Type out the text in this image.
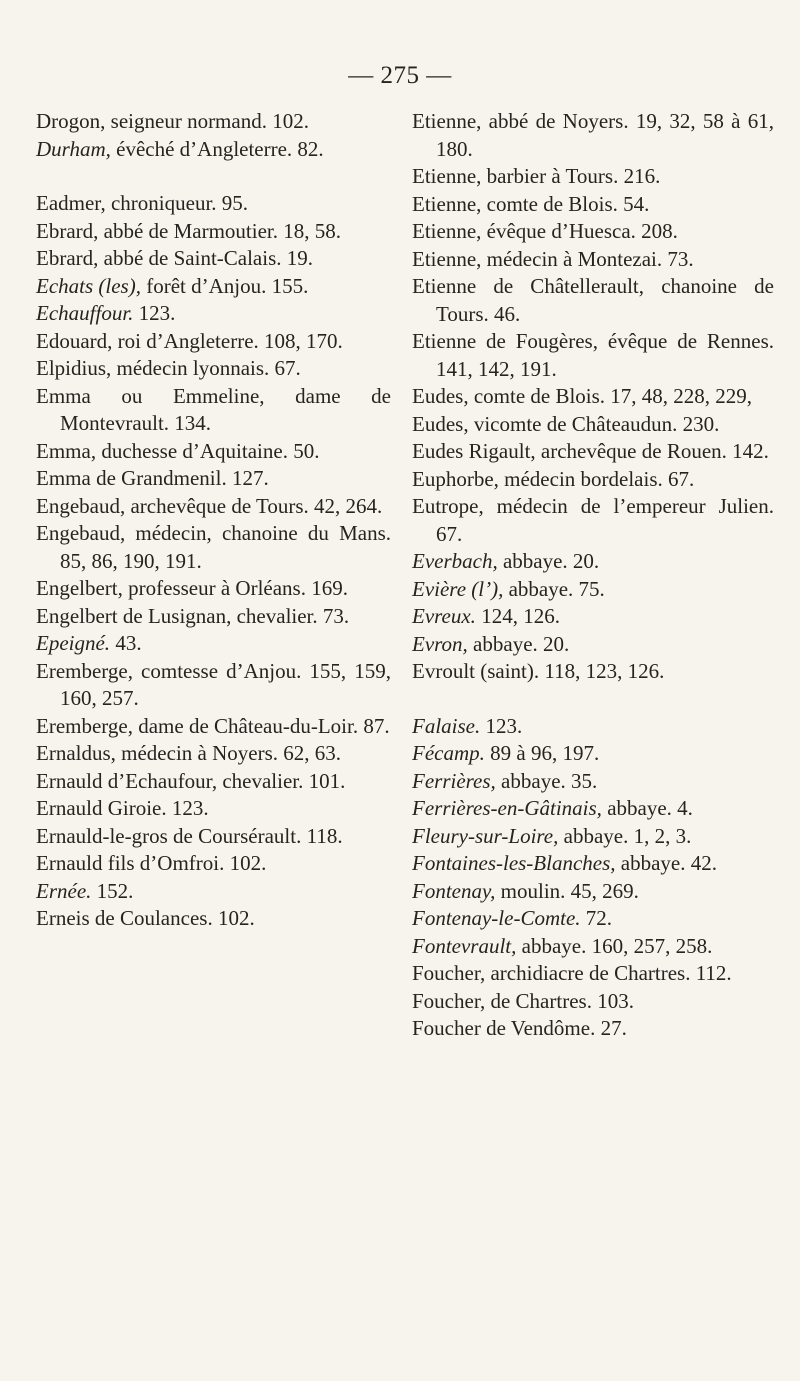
— 275 —
Drogon, seigneur normand. 102.
Durham, évêché d’Angleterre. 82.
Eadmer, chroniqueur. 95.
Ebrard, abbé de Marmoutier. 18, 58.
Ebrard, abbé de Saint-Calais. 19.
Echats (les), forêt d’Anjou. 155.
Echauffour. 123.
Edouard, roi d’Angleterre. 108, 170.
Elpidius, médecin lyonnais. 67.
Emma ou Emmeline, dame de Montevrault. 134.
Emma, duchesse d’Aquitaine. 50.
Emma de Grandmenil. 127.
Engebaud, archevêque de Tours. 42, 264.
Engebaud, médecin, chanoine du Mans. 85, 86, 190, 191.
Engelbert, professeur à Orléans. 169.
Engelbert de Lusignan, chevalier. 73.
Epeigné. 43.
Eremberge, comtesse d’Anjou. 155, 159, 160, 257.
Eremberge, dame de Château-du-Loir. 87.
Ernaldus, médecin à Noyers. 62, 63.
Ernauld d’Echaufour, chevalier. 101.
Ernauld Giroie. 123.
Ernauld-le-gros de Coursérault. 118.
Ernauld fils d’Omfroi. 102.
Ernée. 152.
Erneis de Coulances. 102.
Etienne, abbé de Noyers. 19, 32, 58 à 61, 180.
Etienne, barbier à Tours. 216.
Etienne, comte de Blois. 54.
Etienne, évêque d’Huesca. 208.
Etienne, médecin à Montezai. 73.
Etienne de Châtellerault, chanoine de Tours. 46.
Etienne de Fougères, évêque de Rennes. 141, 142, 191.
Eudes, comte de Blois. 17, 48, 228, 229,
Eudes, vicomte de Châteaudun. 230.
Eudes Rigault, archevêque de Rouen. 142.
Euphorbe, médecin bordelais. 67.
Eutrope, médecin de l’empereur Julien. 67.
Everbach, abbaye. 20.
Evière (l’), abbaye. 75.
Evreux. 124, 126.
Evron, abbaye. 20.
Evroult (saint). 118, 123, 126.
Falaise. 123.
Fécamp. 89 à 96, 197.
Ferrières, abbaye. 35.
Ferrières-en-Gâtinais, abbaye. 4.
Fleury-sur-Loire, abbaye. 1, 2, 3.
Fontaines-les-Blanches, abbaye. 42.
Fontenay, moulin. 45, 269.
Fontenay-le-Comte. 72.
Fontevrault, abbaye. 160, 257, 258.
Foucher, archidiacre de Chartres. 112.
Foucher, de Chartres. 103.
Foucher de Vendôme. 27.
